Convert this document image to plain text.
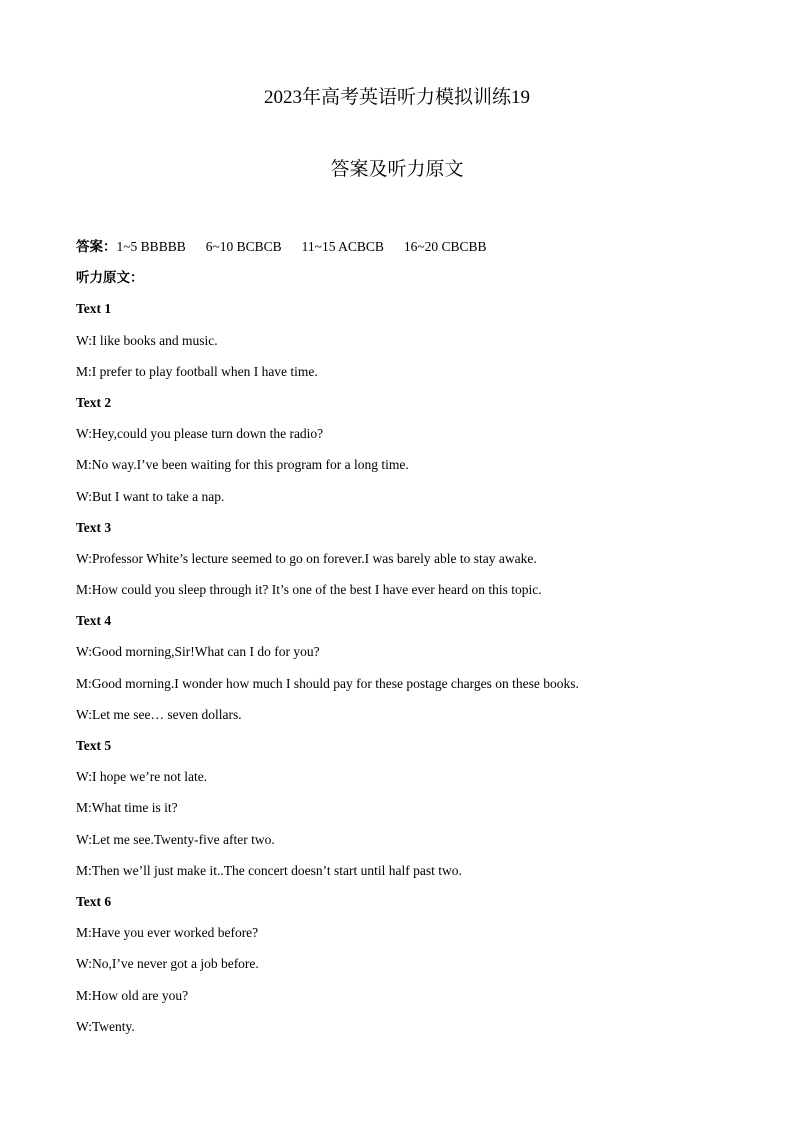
2023年高考英语听力模拟训练19
答案及听力原文
答案：1~5 BBBBB 6~10 BCBCB 11~15 ACBCB 16~20 CBCBB
听力原文：
Text 1
W:I like books and music.
M:I prefer to play football when I have time.
Text 2
W:Hey,could you please turn down the radio?
M:No way.I’ve been waiting for this program for a long time.
W:But I want to take a nap.
Text 3
W:Professor White’s lecture seemed to go on forever.I was barely able to stay awake.
M:How could you sleep through it? It’s one of the best I have ever heard on this topic.
Text 4
W:Good morning,Sir!What can I do for you?
M:Good morning.I wonder how much I should pay for these postage charges on these books.
W:Let me see… seven dollars.
Text 5
W:I hope we’re not late.
M:What time is it?
W:Let me see.Twenty-five after two.
M:Then we’ll just make it..The concert doesn’t start until half past two.
Text 6
M:Have you ever worked before?
W:No,I’ve never got a job before.
M:How old are you?
W:Twenty.
